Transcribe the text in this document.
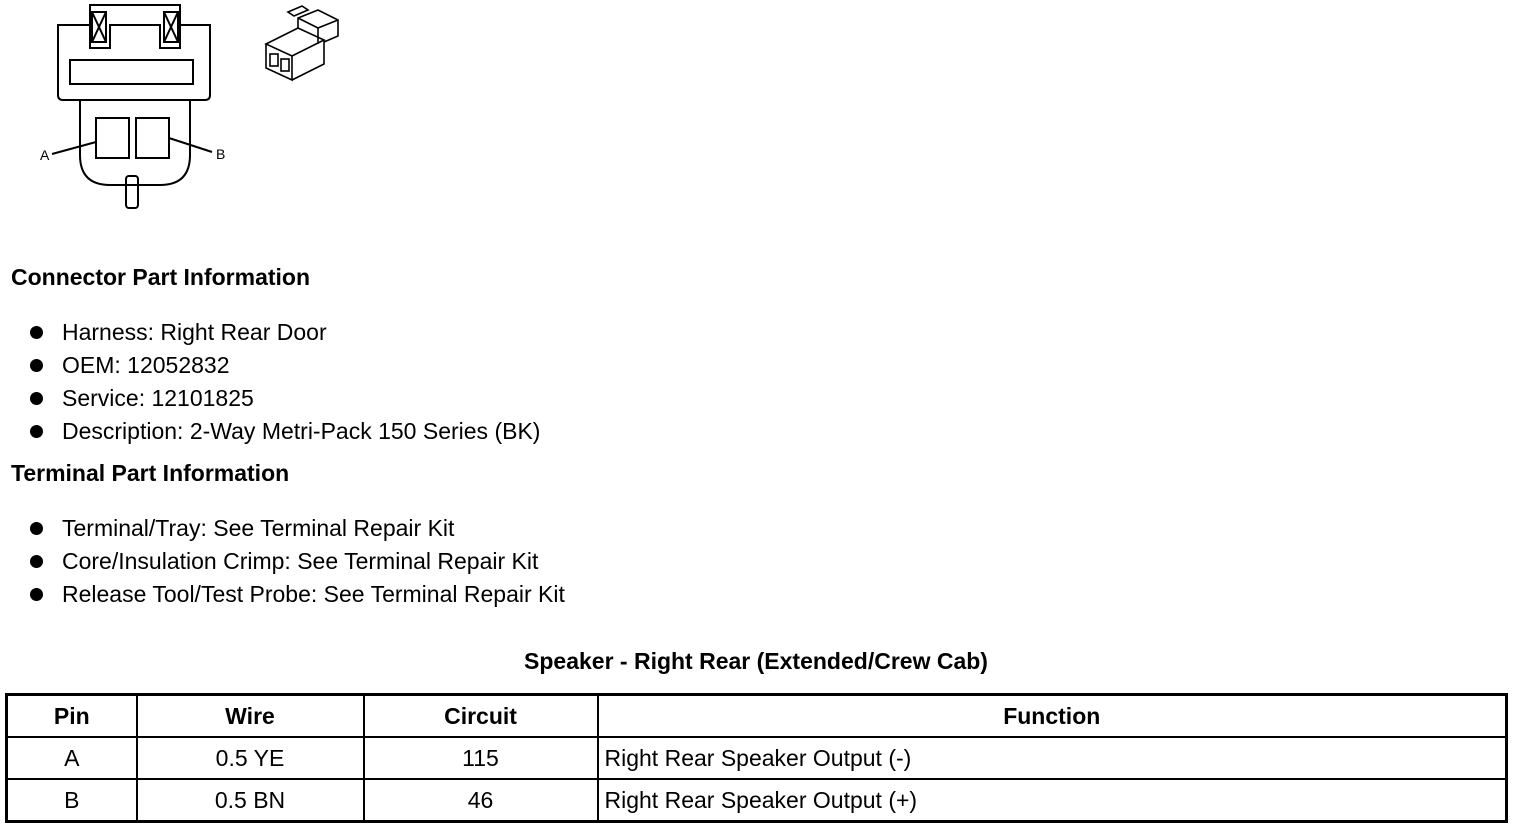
A	B
Connector Part Information
Harness: Right Rear Door
OEM: 12052832
Service: 12101825
Description: 2-Way Metri-Pack 150 Series (BK)
Terminal Part Information
Terminal/Tray: See Terminal Repair Kit
Core/Insulation Crimp: See Terminal Repair Kit
Release Tool/Test Probe: See Terminal Repair Kit
Speaker - Right Rear (Extended/Crew Cab)
Pin	Wire	Circuit	Function
A	0.5 YE	115	Right Rear Speaker Output (-)
B	0.5 BN	46	Right Rear Speaker Output (+)
